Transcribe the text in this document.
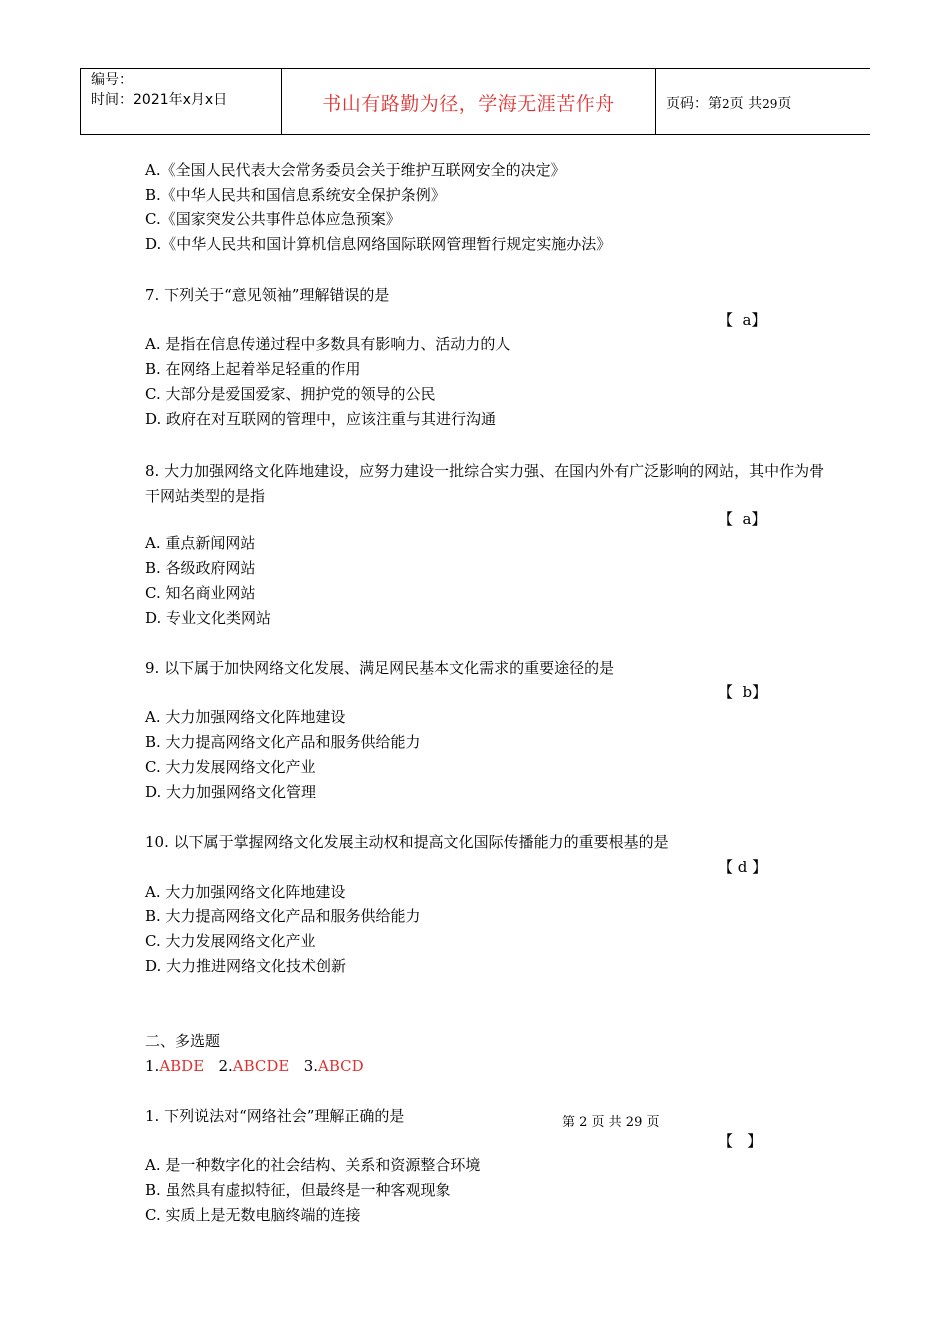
编号：
时间：2021年x月x日	书山有路勤为径，学海无涯苦作舟	页码：第2页 共29页
A.《全国人民代表大会常务委员会关于维护互联网安全的决定》
B.《中华人民共和国信息系统安全保护条例》
C.《国家突发公共事件总体应急预案》
D.《中华人民共和国计算机信息网络国际联网管理暂行规定实施办法》
7. 下列关于“意见领袖”理解错误的是
【  a】
A. 是指在信息传递过程中多数具有影响力、活动力的人
B. 在网络上起着举足轻重的作用
C. 大部分是爱国爱家、拥护党的领导的公民
D. 政府在对互联网的管理中，应该注重与其进行沟通
8. 大力加强网络文化阵地建设，应努力建设一批综合实力强、在国内外有广泛影响的网站，其中作为骨干网站类型的是指
【  a】
A. 重点新闻网站
B. 各级政府网站
C. 知名商业网站
D. 专业文化类网站
9. 以下属于加快网络文化发展、满足网民基本文化需求的重要途径的是
【  b】
A. 大力加强网络文化阵地建设
B. 大力提高网络文化产品和服务供给能力
C. 大力发展网络文化产业
D. 大力加强网络文化管理
10. 以下属于掌握网络文化发展主动权和提高文化国际传播能力的重要根基的是
【 d 】
A. 大力加强网络文化阵地建设
B. 大力提高网络文化产品和服务供给能力
C. 大力发展网络文化产业
D. 大力推进网络文化技术创新
二、多选题
1.ABDE 2.ABCDE 3.ABCD
1. 下列说法对“网络社会”理解正确的是	第 2 页 共 29 页
【   】
A. 是一种数字化的社会结构、关系和资源整合环境
B. 虽然具有虚拟特征，但最终是一种客观现象
C. 实质上是无数电脑终端的连接
